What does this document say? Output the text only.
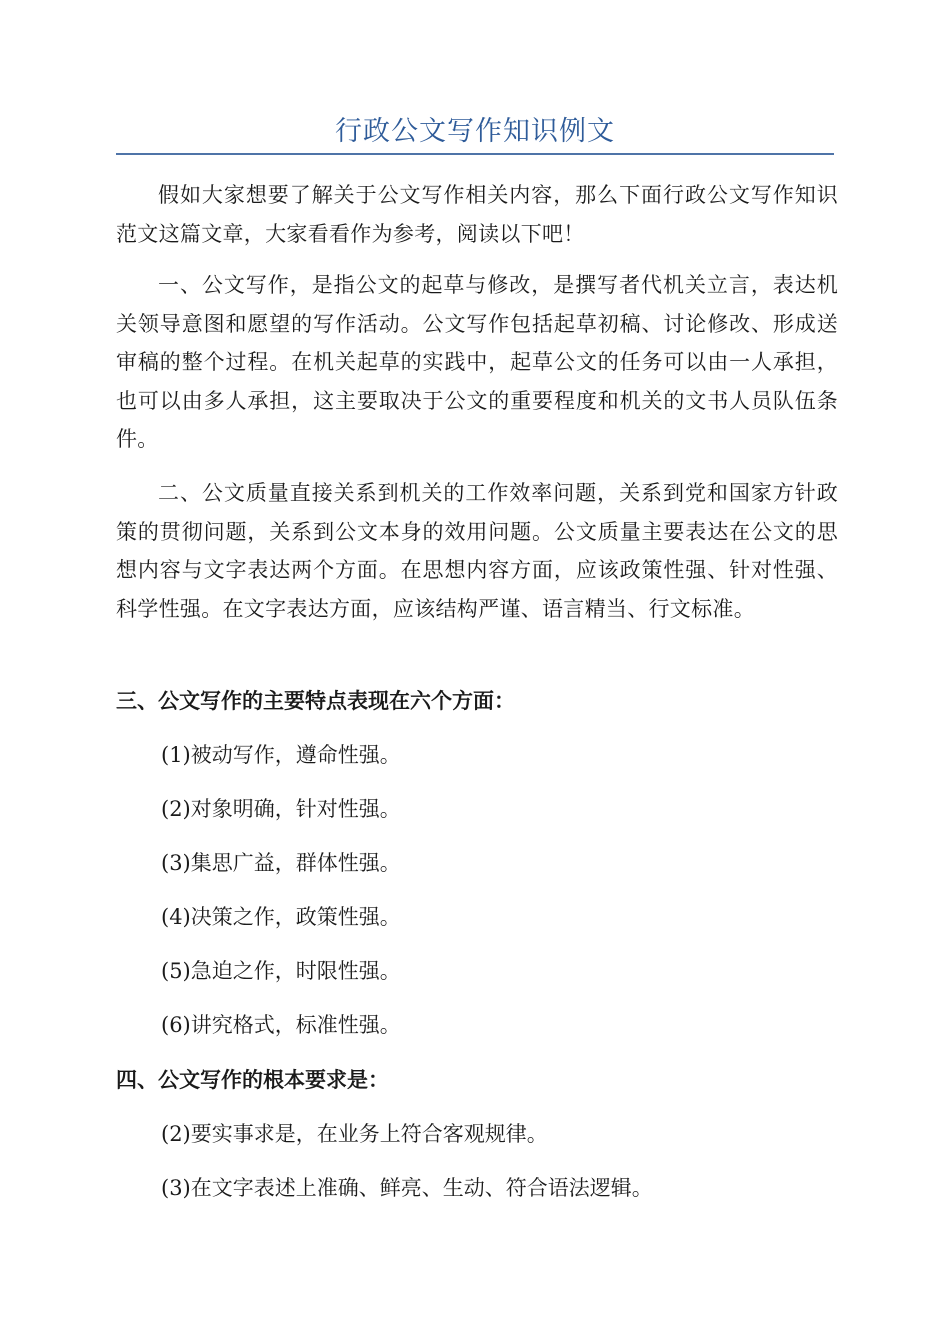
行政公文写作知识例文

假如大家想要了解关于公文写作相关内容，那么下面行政公文写作知识范文这篇文章，大家看看作为参考，阅读以下吧！

一、公文写作，是指公文的起草与修改，是撰写者代机关立言，表达机关领导意图和愿望的写作活动。公文写作包括起草初稿、讨论修改、形成送审稿的整个过程。在机关起草的实践中，起草公文的任务可以由一人承担，也可以由多人承担，这主要取决于公文的重要程度和机关的文书人员队伍条件。

二、公文质量直接关系到机关的工作效率问题，关系到党和国家方针政策的贯彻问题，关系到公文本身的效用问题。公文质量主要表达在公文的思想内容与文字表达两个方面。在思想内容方面，应该政策性强、针对性强、科学性强。在文字表达方面，应该结构严谨、语言精当、行文标准。

三、公文写作的主要特点表现在六个方面：

(1)被动写作，遵命性强。

(2)对象明确，针对性强。

(3)集思广益，群体性强。

(4)决策之作，政策性强。

(5)急迫之作，时限性强。

(6)讲究格式，标准性强。

四、公文写作的根本要求是：

(2)要实事求是，在业务上符合客观规律。

(3)在文字表述上准确、鲜亮、生动、符合语法逻辑。
